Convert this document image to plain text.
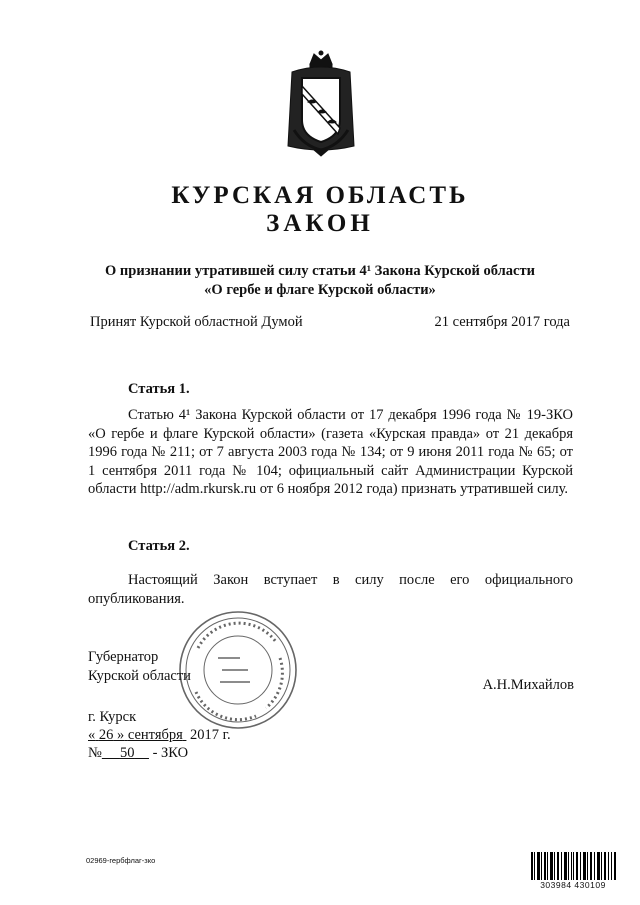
КУРСКАЯ ОБЛАСТЬ
ЗАКОН
О признании утратившей силу статьи 4¹ Закона Курской области
«О гербе и флаге Курской области»
Принят Курской областной Думой	21 сентября 2017 года
Статья 1.
Статью 4¹ Закона Курской области от 17 декабря 1996 года № 19-ЗКО «О гербе и флаге Курской области» (газета «Курская правда» от 21 декабря 1996 года № 211; от 7 августа 2003 года № 134; от 9 июня 2011 года № 65; от 1 сентября 2011 года № 104; официальный сайт Администрации Курской области http://adm.rkursk.ru от 6 ноября 2012 года) признать утратившей силу.
Статья 2.
Настоящий Закон вступает в силу после его официального опубликования.
Губернатор
Курской области
А.Н.Михайлов
г. Курск
« 26 » сентября 2017 г.
№ 50 - ЗКО
02969-гербфлаг-зко
303984 430109
